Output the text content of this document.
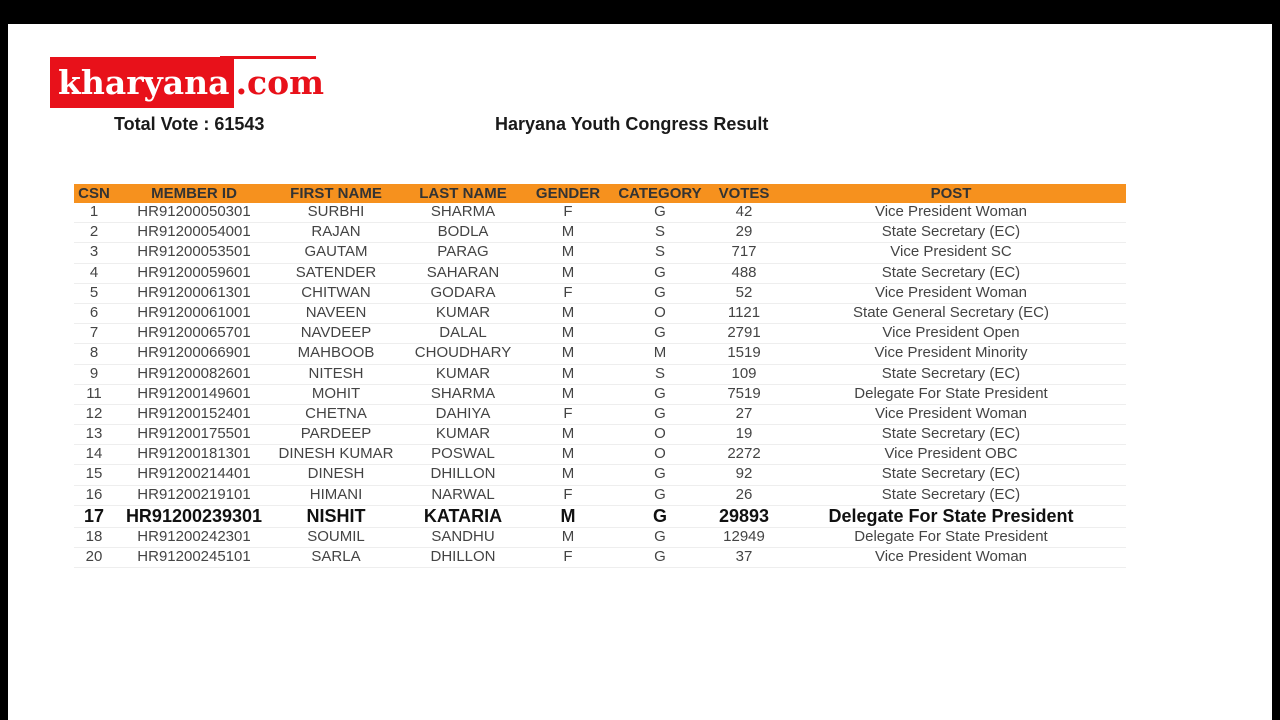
kharyana .com
Total Vote : 61543	Haryana Youth Congress Result
CSN	MEMBER ID	FIRST NAME	LAST NAME	GENDER	CATEGORY	VOTES	POST
1	HR91200050301	SURBHI	SHARMA	F	G	42	Vice President Woman
2	HR91200054001	RAJAN	BODLA	M	S	29	State Secretary (EC)
3	HR91200053501	GAUTAM	PARAG	M	S	717	Vice President SC
4	HR91200059601	SATENDER	SAHARAN	M	G	488	State Secretary (EC)
5	HR91200061301	CHITWAN	GODARA	F	G	52	Vice President Woman
6	HR91200061001	NAVEEN	KUMAR	M	O	1121	State General Secretary (EC)
7	HR91200065701	NAVDEEP	DALAL	M	G	2791	Vice President Open
8	HR91200066901	MAHBOOB	CHOUDHARY	M	M	1519	Vice President Minority
9	HR91200082601	NITESH	KUMAR	M	S	109	State Secretary (EC)
11	HR91200149601	MOHIT	SHARMA	M	G	7519	Delegate For State President
12	HR91200152401	CHETNA	DAHIYA	F	G	27	Vice President Woman
13	HR91200175501	PARDEEP	KUMAR	M	O	19	State Secretary (EC)
14	HR91200181301	DINESH KUMAR	POSWAL	M	O	2272	Vice President OBC
15	HR91200214401	DINESH	DHILLON	M	G	92	State Secretary (EC)
16	HR91200219101	HIMANI	NARWAL	F	G	26	State Secretary (EC)
17	HR91200239301	NISHIT	KATARIA	M	G	29893	Delegate For State President
18	HR91200242301	SOUMIL	SANDHU	M	G	12949	Delegate For State President
20	HR91200245101	SARLA	DHILLON	F	G	37	Vice President Woman
